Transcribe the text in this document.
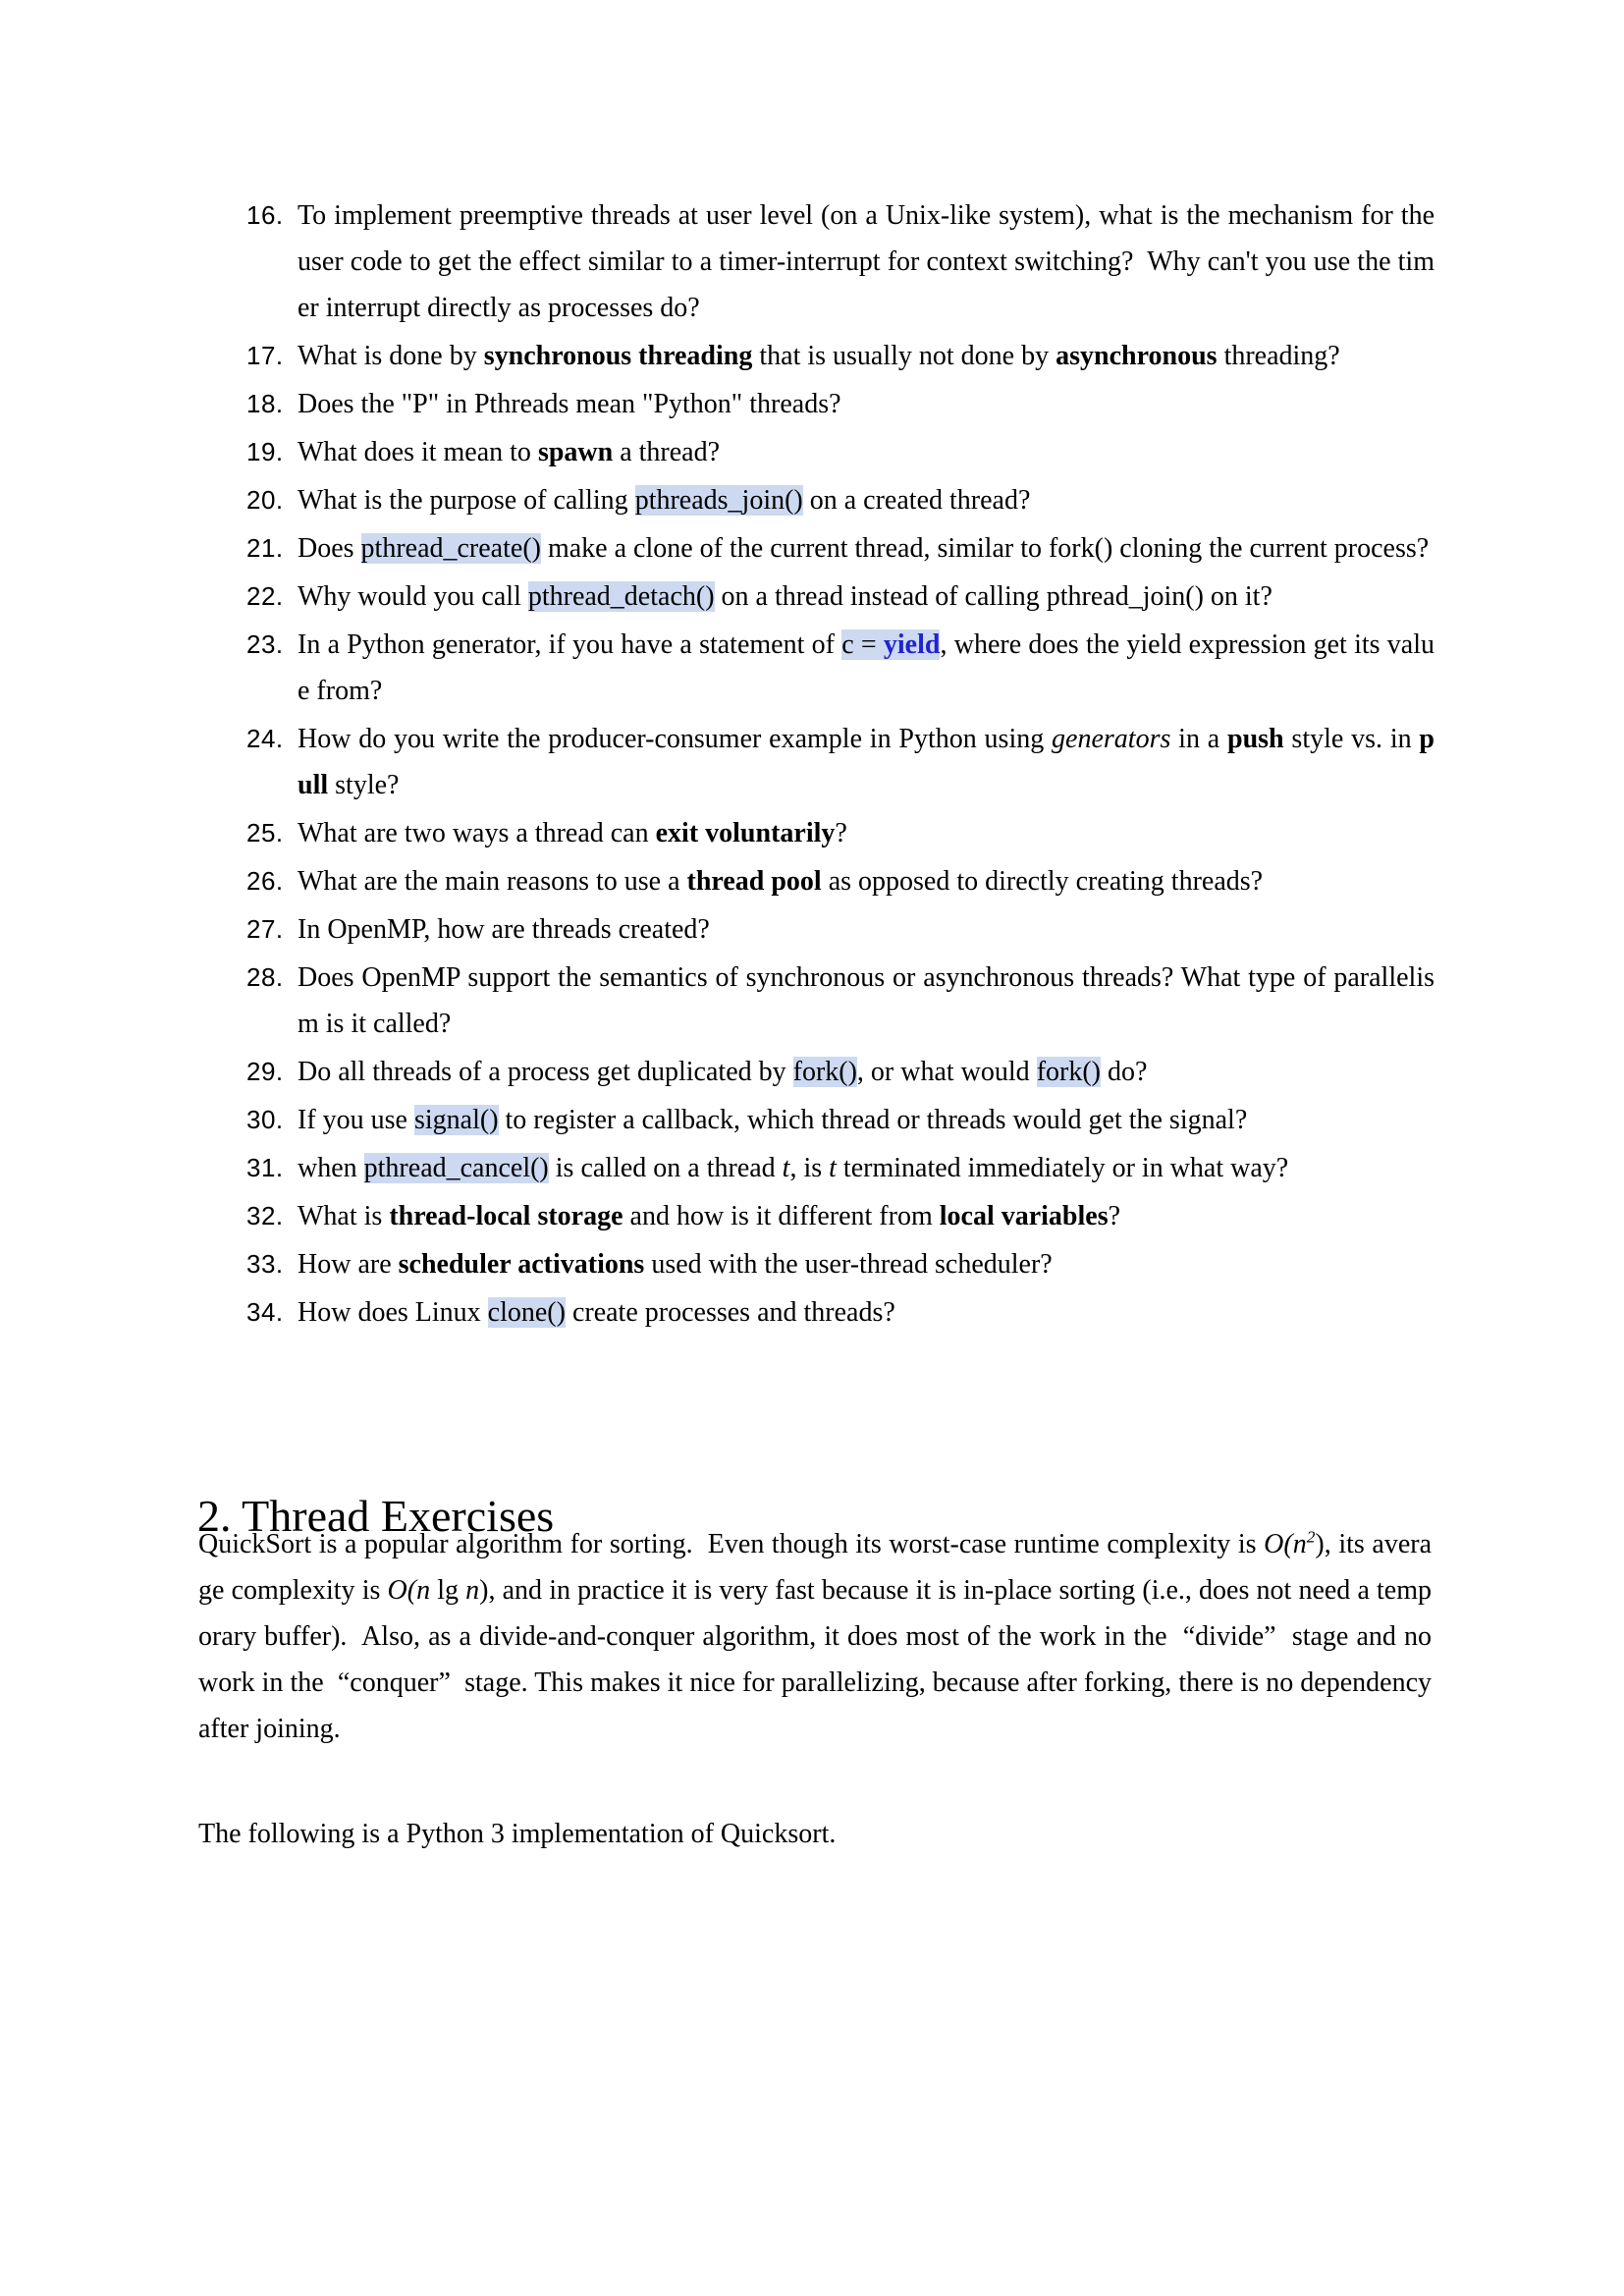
16. To implement preemptive threads at user level (on a Unix-like system), what is the mechanism for the user code to get the effect similar to a timer-interrupt for context switching?  Why can't you use the timer interrupt directly as processes do?
17. What is done by synchronous threading that is usually not done by asynchronous threading?
18. Does the "P" in Pthreads mean "Python" threads?
19. What does it mean to spawn a thread?
20. What is the purpose of calling pthreads_join() on a created thread?
21. Does pthread_create() make a clone of the current thread, similar to fork() cloning the current process?
22. Why would you call pthread_detach() on a thread instead of calling pthread_join() on it?
23. In a Python generator, if you have a statement of c = yield, where does the yield expression get its value from?
24. How do you write the producer-consumer example in Python using generators in a push style vs. in pull style?
25. What are two ways a thread can exit voluntarily?
26. What are the main reasons to use a thread pool as opposed to directly creating threads?
27. In OpenMP, how are threads created?
28. Does OpenMP support the semantics of synchronous or asynchronous threads? What type of parallelism is it called?
29. Do all threads of a process get duplicated by fork(), or what would fork() do?
30. If you use signal() to register a callback, which thread or threads would get the signal?
31. when pthread_cancel() is called on a thread t, is t terminated immediately or in what way?
32. What is thread-local storage and how is it different from local variables?
33. How are scheduler activations used with the user-thread scheduler?
34. How does Linux clone() create processes and threads?
2. Thread Exercises
QuickSort is a popular algorithm for sorting.  Even though its worst-case runtime complexity is $O(n^2)$, its average complexity is O(n lg n), and in practice it is very fast because it is in-place sorting (i.e., does not need a temporary buffer).  Also, as a divide-and-conquer algorithm, it does most of the work in the  “divide”  stage and no work in the  “conquer”  stage. This makes it nice for parallelizing, because after forking, there is no dependency after joining.
The following is a Python 3 implementation of Quicksort.
